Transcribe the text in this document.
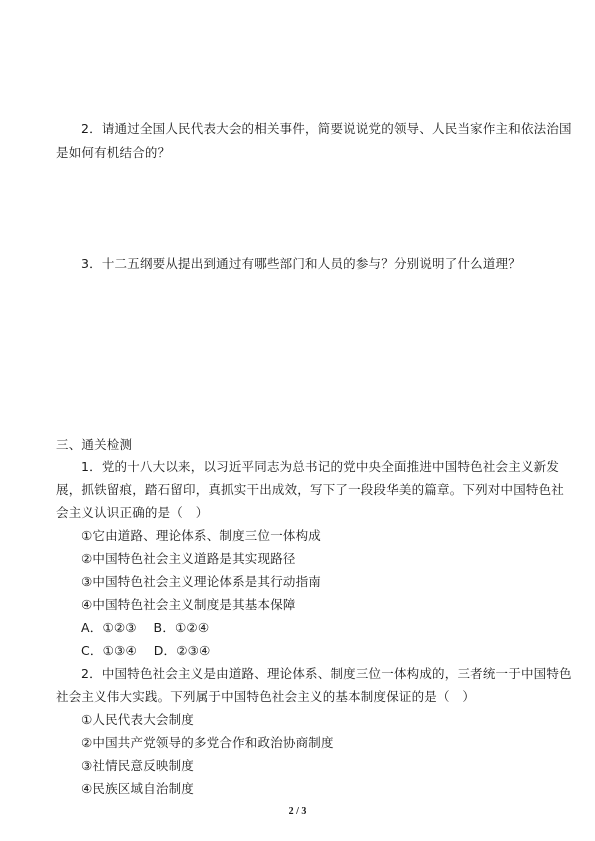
2．请通过全国人民代表大会的相关事件，简要说说党的领导、人民当家作主和依法治国
是如何有机结合的？
3．十二五纲要从提出到通过有哪些部门和人员的参与？分别说明了什么道理？
三、通关检测
1．党的十八大以来，以习近平同志为总书记的党中央全面推进中国特色社会主义新发
展，抓铁留痕，踏石留印，真抓实干出成效，写下了一段段华美的篇章。下列对中国特色社
会主义认识正确的是（　）
①它由道路、理论体系、制度三位一体构成
②中国特色社会主义道路是其实现路径
③中国特色社会主义理论体系是其行动指南
④中国特色社会主义制度是其基本保障
A．①②③　 B．①②④
C．①③④　 D．②③④
2．中国特色社会主义是由道路、理论体系、制度三位一体构成的，三者统一于中国特色
社会主义伟大实践。下列属于中国特色社会主义的基本制度保证的是（　）
①人民代表大会制度
②中国共产党领导的多党合作和政治协商制度
③社情民意反映制度
④民族区域自治制度
2 / 3
